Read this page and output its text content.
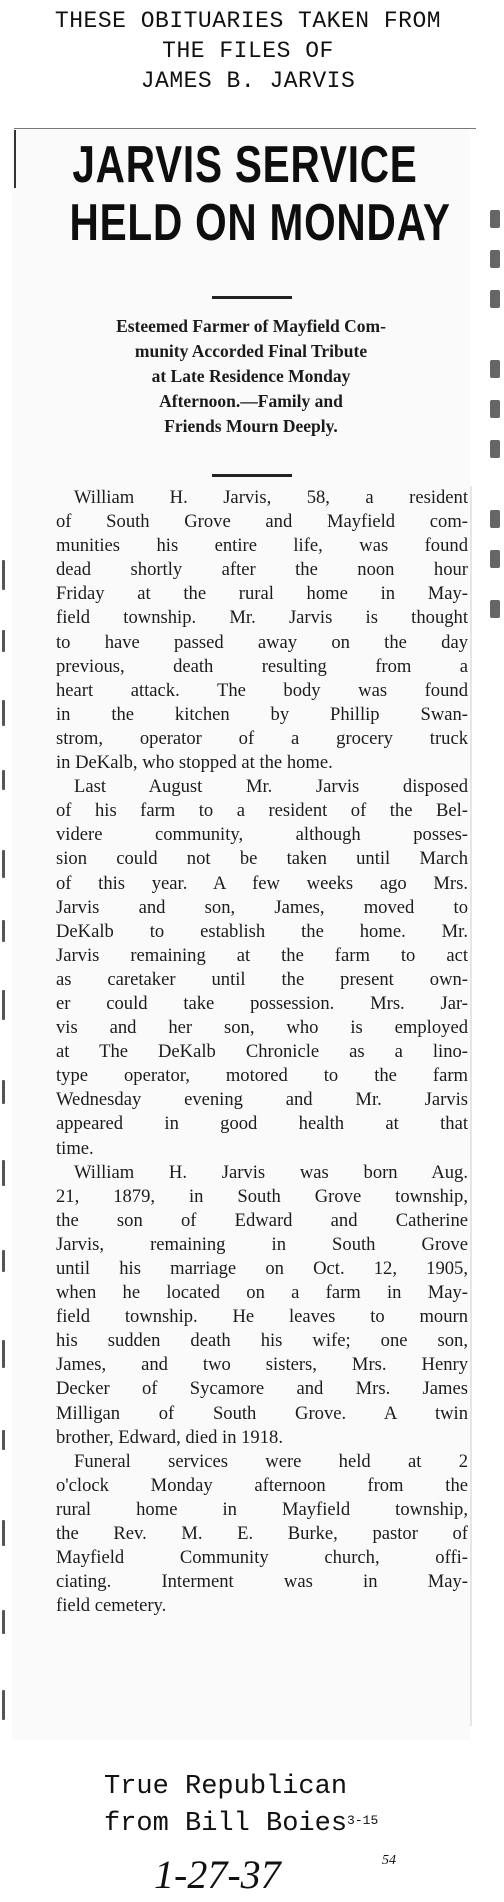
THESE OBITUARIES TAKEN FROM
THE FILES OF
JAMES B. JARVIS
JARVIS SERVICE
HELD ON MONDAY
Esteemed Farmer of Mayfield Com-
munity Accorded Final Tribute
at Late Residence Monday
Afternoon.—Family and
Friends Mourn Deeply.
William H. Jarvis, 58, a resident
of South Grove and Mayfield com-
munities his entire life, was found
dead shortly after the noon hour
Friday at the rural home in May-
field township. Mr. Jarvis is thought
to have passed away on the day
previous, death resulting from a
heart attack. The body was found
in the kitchen by Phillip Swan-
strom, operator of a grocery truck
in DeKalb, who stopped at the home.
Last August Mr. Jarvis disposed
of his farm to a resident of the Bel-
videre community, although posses-
sion could not be taken until March
of this year. A few weeks ago Mrs.
Jarvis and son, James, moved to
DeKalb to establish the home. Mr.
Jarvis remaining at the farm to act
as caretaker until the present own-
er could take possession. Mrs. Jar-
vis and her son, who is employed
at The DeKalb Chronicle as a lino-
type operator, motored to the farm
Wednesday evening and Mr. Jarvis
appeared in good health at that
time.
William H. Jarvis was born Aug.
21, 1879, in South Grove township,
the son of Edward and Catherine
Jarvis, remaining in South Grove
until his marriage on Oct. 12, 1905,
when he located on a farm in May-
field township. He leaves to mourn
his sudden death his wife; one son,
James, and two sisters, Mrs. Henry
Decker of Sycamore and Mrs. James
Milligan of South Grove. A twin
brother, Edward, died in 1918.
Funeral services were held at 2
o'clock Monday afternoon from the
rural home in Mayfield township,
the Rev. M. E. Burke, pastor of
Mayfield Community church, offi-
ciating. Interment was in May-
field cemetery.
True Republican
from Bill Boies$^{3-15}$
1-27-37	54
